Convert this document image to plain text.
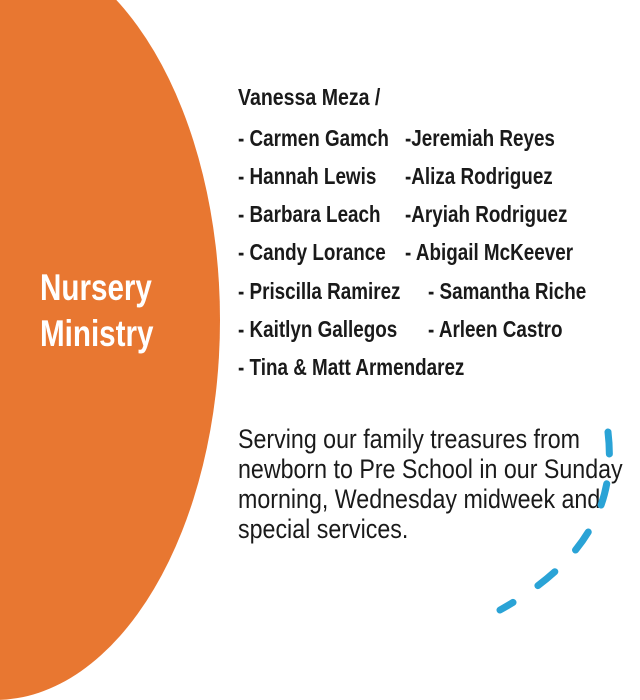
Nursery
Ministry
Vanessa Meza /
- Carmen Gamch
- Hannah Lewis
- Barbara Leach
- Candy Lorance
- Priscilla Ramirez
- Kaitlyn Gallegos
- Tina & Matt Armendarez
-Jeremiah Reyes
-Aliza Rodriguez
-Aryiah Rodriguez
- Abigail McKeever
- Samantha Riche
- Arleen Castro
Serving our family treasures from
newborn to Pre School in our Sunday
morning, Wednesday midweek and
special services.
